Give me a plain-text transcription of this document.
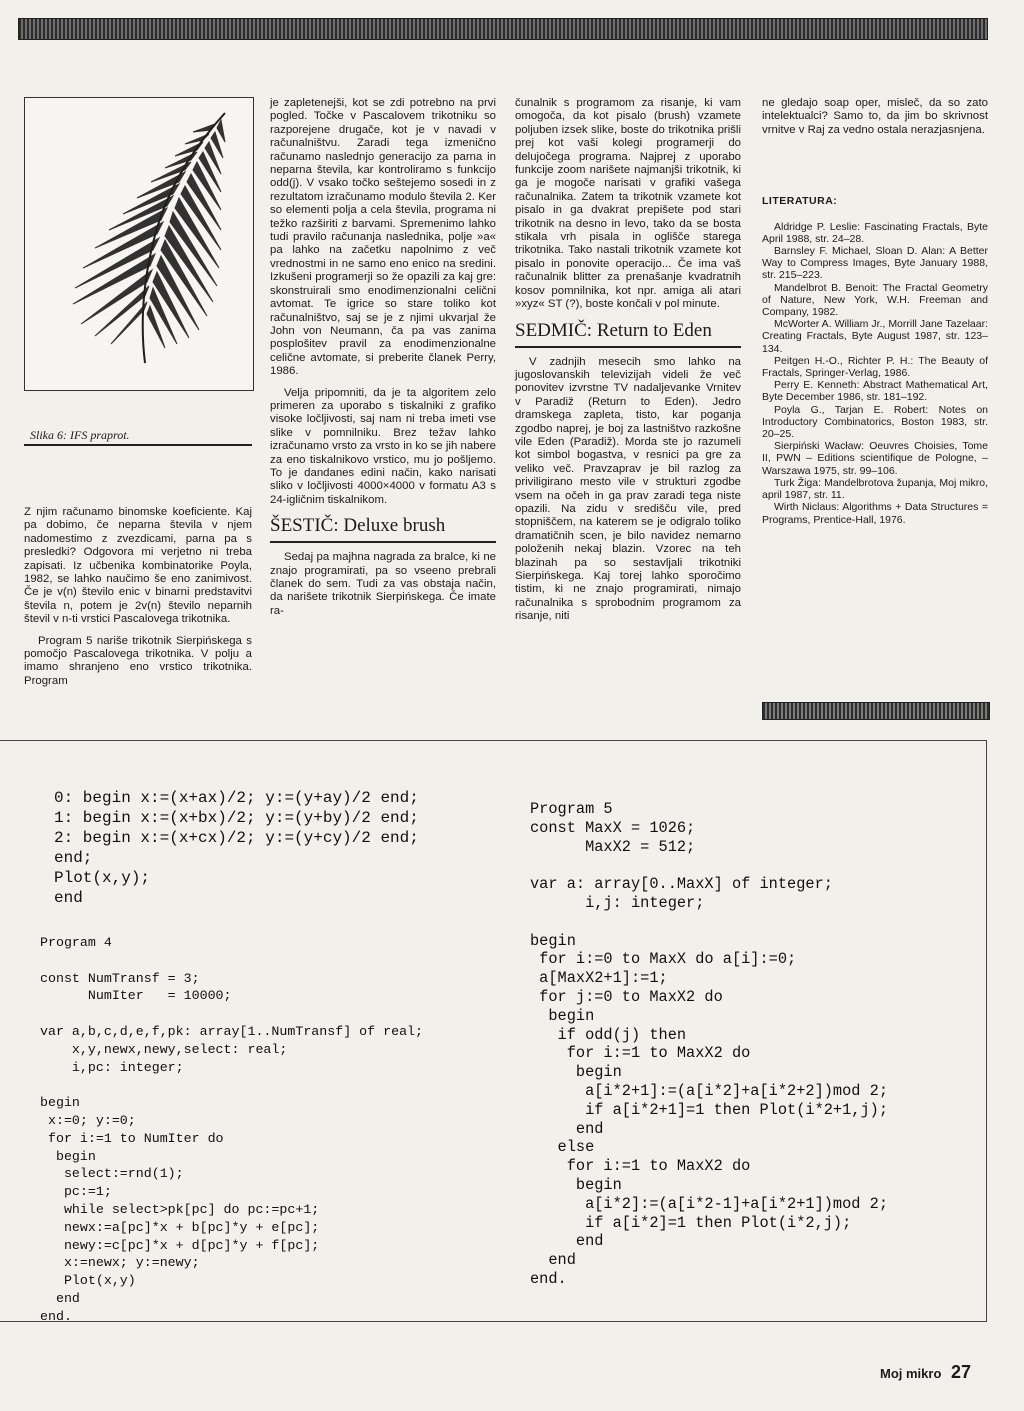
Slika 6: IFS praprot.

Z njim računamo binomske koeficiente. Kaj pa dobimo, če neparna števila v njem nadomestimo z zvezdicami, parna pa s presledki? Odgovora mi verjetno ni treba zapisati. Iz učbenika kombinatorike Poyla, 1982, se lahko naučimo še eno zanimivost. Če je v(n) število enic v binarni predstavitvi števila n, potem je 2v(n) število neparnih števil v n-ti vrstici Pascalovega trikotnika.

Program 5 nariše trikotnik Sierpińskega s pomočjo Pascalovega trikotnika. V polju a imamo shranjeno eno vrstico trikotnika. Program

je zapletenejši, kot se zdi potrebno na prvi pogled. Točke v Pascalovem trikotniku so razporejene drugače, kot je v navadi v računalništvu. Zaradi tega izmenično računamo naslednjo generacijo za parna in neparna števila, kar kontroliramo s funkcijo odd(j). V vsako točko seštejemo sosedi in z rezultatom izračunamo modulo števila 2. Ker so elementi polja a cela števila, programa ni težko razširiti z barvami. Spremenimo lahko tudi pravilo računanja naslednika, polje »a« pa lahko na začetku napolnimo z več vrednostmi in ne samo eno enico na sredini. Izkušeni programerji so že opazili za kaj gre: skonstruirali smo enodimenzionalni celični avtomat. Te igrice so stare toliko kot računalništvo, saj se je z njimi ukvarjal že John von Neumann, ča pa vas zanima posplošitev pravil za enodimenzionalne celične avtomate, si preberite članek Perry, 1986.

Velja pripomniti, da je ta algoritem zelo primeren za uporabo s tiskalniki z grafiko visoke ločljivosti, saj nam ni treba imeti vse slike v pomnilniku. Brez težav lahko izračunamo vrsto za vrsto in ko se jih nabere za eno tiskalnikovo vrstico, mu jo pošljemo. To je dandanes edini način, kako narisati sliko v ločljivosti 4000×4000 v formatu A3 s 24-igličnim tiskalnikom.

ŠESTIČ: Deluxe brush

Sedaj pa majhna nagrada za bralce, ki ne znajo programirati, pa so vseeno prebrali članek do sem. Tudi za vas obstaja način, da narišete trikotnik Sierpińskega. Če imate ra-

čunalnik s programom za risanje, ki vam omogoča, da kot pisalo (brush) vzamete poljuben izsek slike, boste do trikotnika prišli prej kot vaši kolegi programerji do delujočega programa. Najprej z uporabo funkcije zoom narišete najmanjši trikotnik, ki ga je mogoče narisati v grafiki vašega računalnika. Zatem ta trikotnik vzamete kot pisalo in ga dvakrat prepišete pod stari trikotnik na desno in levo, tako da se bosta stikala vrh pisala in oglišče starega trikotnika. Tako nastali trikotnik vzamete kot pisalo in ponovite operacijo... Če ima vaš računalnik blitter za prenašanje kvadratnih kosov pomnilnika, kot npr. amiga ali atari »xyz« ST (?), boste končali v pol minute.

SEDMIČ: Return to Eden

V zadnjih mesecih smo lahko na jugoslovanskih televizijah videli že več ponovitev izvrstne TV nadaljevanke Vrnitev v Paradiž (Return to Eden). Jedro dramskega zapleta, tisto, kar poganja zgodbo naprej, je boj za lastništvo razkošne vile Eden (Paradiž). Morda ste jo razumeli kot simbol bogastva, v resnici pa gre za veliko več. Pravzaprav je bil razlog za priviligirano mesto vile v strukturi zgodbe vsem na očeh in ga prav zaradi tega niste opazili. Na zidu v središču vile, pred stopniščem, na katerem se je odigralo toliko dramatičnih scen, je bilo navidez nemarno položenih nekaj blazin. Vzorec na teh blazinah pa so sestavljali trikotniki Sierpińskega. Kaj torej lahko sporočimo tistim, ki ne znajo programirati, nimajo računalnika s sprobodnim programom za risanje, niti

ne gledajo soap oper, misleč, da so zato intelektualci? Samo to, da jim bo skrivnost vrnitve v Raj za vedno ostala nerazjasnjena.

LITERATURA:
Aldridge P. Leslie: Fascinating Fractals, Byte April 1988, str. 24–28.
Barnsley F. Michael, Sloan D. Alan: A Better Way to Compress Images, Byte January 1988, str. 215–223.
Mandelbrot B. Benoit: The Fractal Geometry of Nature, New York, W.H. Freeman and Company, 1982.
McWorter A. William Jr., Morrill Jane Tazelaar: Creating Fractals, Byte August 1987, str. 123–134.
Peitgen H.-O., Richter P. H.: The Beauty of Fractals, Springer-Verlag, 1986.
Perry E. Kenneth: Abstract Mathematical Art, Byte December 1986, str. 181–192.
Poyla G., Tarjan E. Robert: Notes on Introductory Combinatorics, Boston 1983, str. 20–25.
Sierpiński Wacław: Oeuvres Choisies, Tome II, PWN – Editions scientifique de Pologne, – Warszawa 1975, str. 99–106.
Turk Žiga: Mandelbrotova županja, Moj mikro, april 1987, str. 11.
Wirth Niclaus: Algorithms + Data Structures = Programs, Prentice-Hall, 1976.
0: begin x:=(x+ax)/2; y:=(y+ay)/2 end;
1: begin x:=(x+bx)/2; y:=(y+by)/2 end;
2: begin x:=(x+cx)/2; y:=(y+cy)/2 end;
end;
Plot(x,y);
end
Program 4

const NumTransf = 3;
NumIter   = 10000;

var a,b,c,d,e,f,pk: array[1..NumTransf] of real;
x,y,newx,newy,select: real;
i,pc: integer;

begin
x:=0; y:=0;
for i:=1 to NumIter do
begin
select:=rnd(1);
pc:=1;
while select>pk[pc] do pc:=pc+1;
newx:=a[pc]*x + b[pc]*y + e[pc];
newy:=c[pc]*x + d[pc]*y + f[pc];
x:=newx; y:=newy;
Plot(x,y)
end
end.
Program 5
const MaxX = 1026;
MaxX2 = 512;

var a: array[0..MaxX] of integer;
i,j: integer;

begin
for i:=0 to MaxX do a[i]:=0;
a[MaxX2+1]:=1;
for j:=0 to MaxX2 do
begin
if odd(j) then
for i:=1 to MaxX2 do
begin
a[i*2+1]:=(a[i*2]+a[i*2+2])mod 2;
if a[i*2+1]=1 then Plot(i*2+1,j);
end
else
for i:=1 to MaxX2 do
begin
a[i*2]:=(a[i*2-1]+a[i*2+1])mod 2;
if a[i*2]=1 then Plot(i*2,j);
end
end
end.
Moj mikro 27
